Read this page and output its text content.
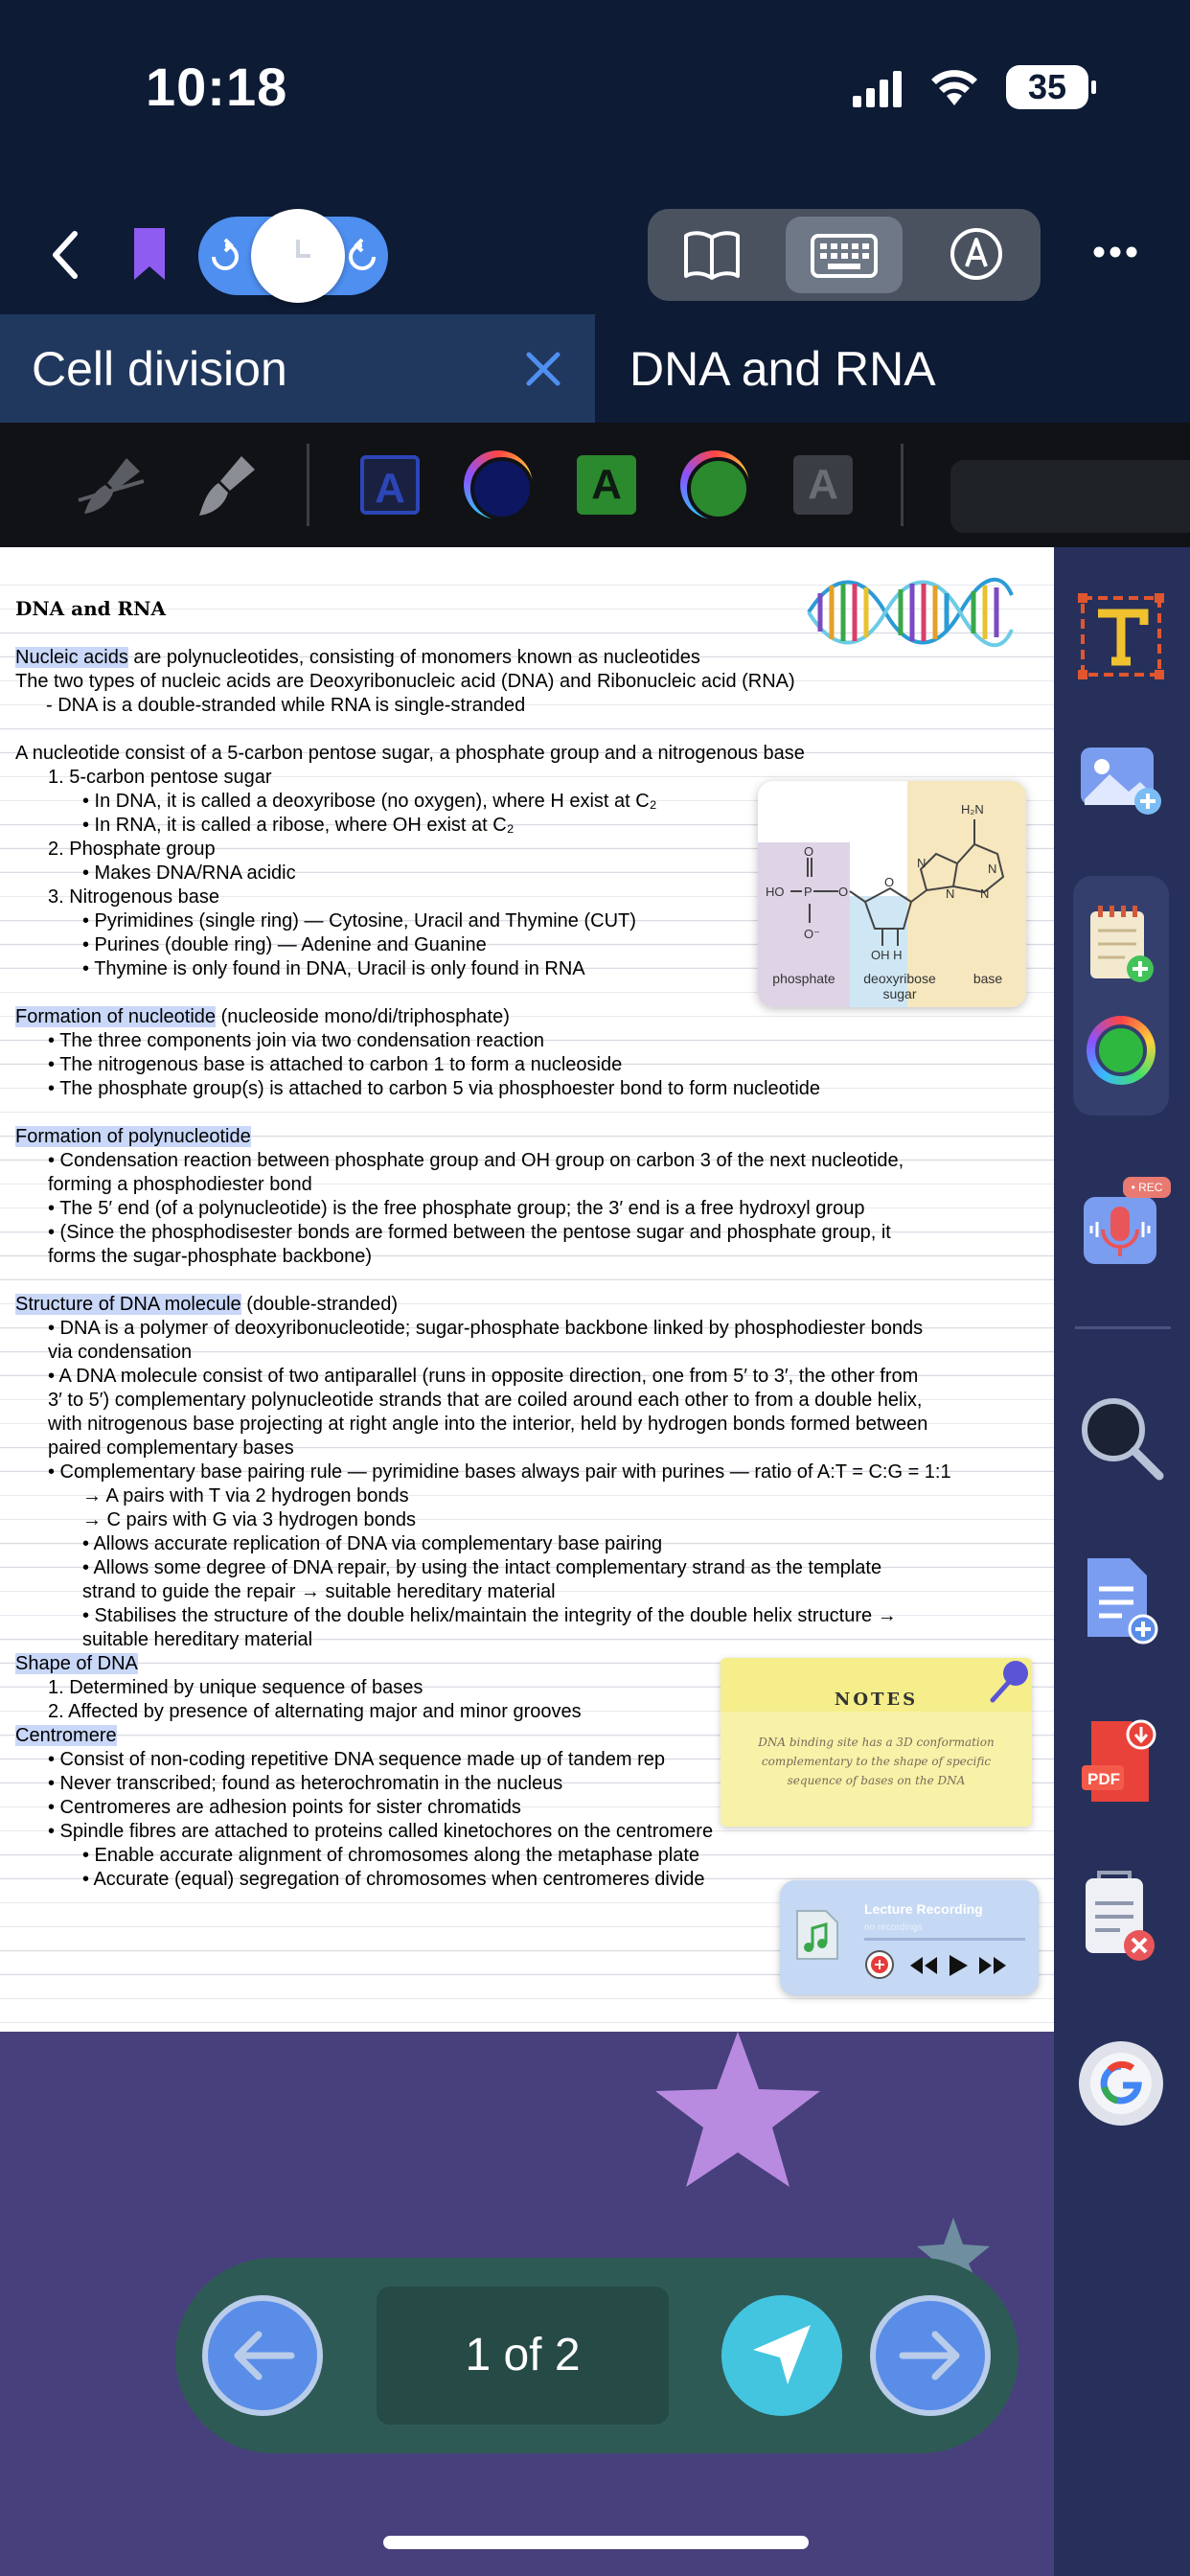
10:18	35
Cell division	DNA and RNA
A	A	A
DNA and RNA
Nucleic acids are polynucleotides, consisting of monomers known as nucleotides
The two types of nucleic acids are Deoxyribonucleic acid (DNA) and Ribonucleic acid (RNA)
- DNA is a double-stranded while RNA is single-stranded
A nucleotide consist of a 5-carbon pentose sugar, a phosphate group and a nitrogenous base
1. 5-carbon pentose sugar
• In DNA, it is called a deoxyribose (no oxygen), where H exist at C₂
• In RNA, it is called a ribose, where OH exist at C₂
2. Phosphate group
• Makes DNA/RNA acidic
3. Nitrogenous base
• Pyrimidines (single ring) — Cytosine, Uracil and Thymine (CUT)
• Purines (double ring) — Adenine and Guanine
• Thymine is only found in DNA, Uracil is only found in RNA
Formation of nucleotide (nucleoside mono/di/triphosphate)
• The three components join via two condensation reaction
• The nitrogenous base is attached to carbon 1 to form a nucleoside
• The phosphate group(s) is attached to carbon 5 via phosphoester bond to form nucleotide
Formation of polynucleotide
• Condensation reaction between phosphate group and OH group on carbon 3 of the next nucleotide,
forming a phosphodiester bond
• The 5′ end (of a polynucleotide) is the free phosphate group; the 3′ end is a free hydroxyl group
• (Since the phosphodisester bonds are formed between the pentose sugar and phosphate group, it
forms the sugar-phosphate backbone)
Structure of DNA molecule (double-stranded)
• DNA is a polymer of deoxyribonucleotide; sugar-phosphate backbone linked by phosphodiester bonds
via condensation
• A DNA molecule consist of two antiparallel (runs in opposite direction, one from 5′ to 3′, the other from
3′ to 5′) complementary polynucleotide strands that are coiled around each other to from a double helix,
with nitrogenous base projecting at right angle into the interior, held by hydrogen bonds formed between
paired complementary bases
• Complementary base pairing rule — pyrimidine bases always pair with purines — ratio of A:T = C:G = 1:1
→ A pairs with T via 2 hydrogen bonds
→ C pairs with G via 3 hydrogen bonds
• Allows accurate replication of DNA via complementary base pairing
• Allows some degree of DNA repair, by using the intact complementary strand as the template
strand to guide the repair → suitable hereditary material
• Stabilises the structure of the double helix/maintain the integrity of the double helix structure →
suitable hereditary material
Shape of DNA
1. Determined by unique sequence of bases
2. Affected by presence of alternating major and minor grooves
Centromere
• Consist of non-coding repetitive DNA sequence made up of tandem rep
• Never transcribed; found as heterochromatin in the nucleus
• Centromeres are adhesion points for sister chromatids
• Spindle fibres are attached to proteins called kinetochores on the centromere
• Enable accurate alignment of chromosomes along the metaphase plate
• Accurate (equal) segregation of chromosomes when centromeres divide
HO P
O
O⁻
O
O
H₂N
N	N
N
N
OH H
phosphate	deoxyribose
sugar
base
NOTES
DNA binding site has a 3D conformation complementary to the shape of specific sequence of bases on the DNA
Lecture Recording
no recordings
1 of 2
• REC
PDF
